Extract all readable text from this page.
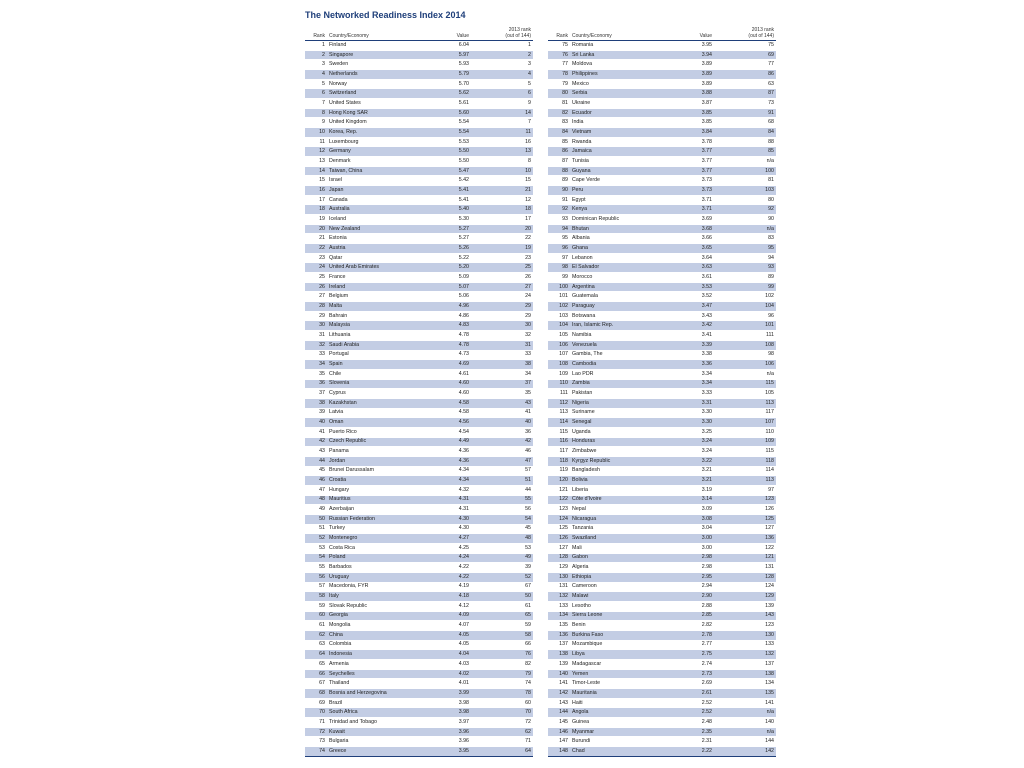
The Networked Readiness Index 2014
Rank	Country/Economy	Value	2013 rank
(out of 144)
1	Finland	6.04	1
2	Singapore	5.97	2
3	Sweden	5.93	3
4	Netherlands	5.79	4
5	Norway	5.70	5
6	Switzerland	5.62	6
7	United States	5.61	9
8	Hong Kong SAR	5.60	14
9	United Kingdom	5.54	7
10	Korea, Rep.	5.54	11
11	Luxembourg	5.53	16
12	Germany	5.50	13
13	Denmark	5.50	8
14	Taiwan, China	5.47	10
15	Israel	5.42	15
16	Japan	5.41	21
17	Canada	5.41	12
18	Australia	5.40	18
19	Iceland	5.30	17
20	New Zealand	5.27	20
21	Estonia	5.27	22
22	Austria	5.26	19
23	Qatar	5.22	23
24	United Arab Emirates	5.20	25
25	France	5.09	26
26	Ireland	5.07	27
27	Belgium	5.06	24
28	Malta	4.96	29
29	Bahrain	4.86	29
30	Malaysia	4.83	30
31	Lithuania	4.78	32
32	Saudi Arabia	4.78	31
33	Portugal	4.73	33
34	Spain	4.69	38
35	Chile	4.61	34
36	Slovenia	4.60	37
37	Cyprus	4.60	35
38	Kazakhstan	4.58	43
39	Latvia	4.58	41
40	Oman	4.56	40
41	Puerto Rico	4.54	36
42	Czech Republic	4.49	42
43	Panama	4.36	46
44	Jordan	4.36	47
45	Brunei Darussalam	4.34	57
46	Croatia	4.34	51
47	Hungary	4.32	44
48	Mauritius	4.31	55
49	Azerbaijan	4.31	56
50	Russian Federation	4.30	54
51	Turkey	4.30	45
52	Montenegro	4.27	48
53	Costa Rica	4.25	53
54	Poland	4.24	49
55	Barbados	4.22	39
56	Uruguay	4.22	52
57	Macedonia, FYR	4.19	67
58	Italy	4.18	50
59	Slovak Republic	4.12	61
60	Georgia	4.09	65
61	Mongolia	4.07	59
62	China	4.05	58
63	Colombia	4.05	66
64	Indonesia	4.04	76
65	Armenia	4.03	82
66	Seychelles	4.02	79
67	Thailand	4.01	74
68	Bosnia and Herzegovina	3.99	78
69	Brazil	3.98	60
70	South Africa	3.98	70
71	Trinidad and Tobago	3.97	72
72	Kuwait	3.96	62
73	Bulgaria	3.96	71
74	Greece	3.95	64
Rank	Country/Economy	Value	2013 rank
(out of 144)
75	Romania	3.95	75
76	Sri Lanka	3.94	69
77	Moldova	3.89	77
78	Philippines	3.89	86
79	Mexico	3.89	63
80	Serbia	3.88	87
81	Ukraine	3.87	73
82	Ecuador	3.85	91
83	India	3.85	68
84	Vietnam	3.84	84
85	Rwanda	3.78	88
86	Jamaica	3.77	85
87	Tunisia	3.77	n/a
88	Guyana	3.77	100
89	Cape Verde	3.73	81
90	Peru	3.73	103
91	Egypt	3.71	80
92	Kenya	3.71	92
93	Dominican Republic	3.69	90
94	Bhutan	3.68	n/a
95	Albania	3.66	83
96	Ghana	3.65	95
97	Lebanon	3.64	94
98	El Salvador	3.63	93
99	Morocco	3.61	89
100	Argentina	3.53	99
101	Guatemala	3.52	102
102	Paraguay	3.47	104
103	Botswana	3.43	96
104	Iran, Islamic Rep.	3.42	101
105	Namibia	3.41	111
106	Venezuela	3.39	108
107	Gambia, The	3.38	98
108	Cambodia	3.36	106
109	Lao PDR	3.34	n/a
110	Zambia	3.34	115
111	Pakistan	3.33	105
112	Nigeria	3.31	113
113	Suriname	3.30	117
114	Senegal	3.30	107
115	Uganda	3.25	110
116	Honduras	3.24	109
117	Zimbabwe	3.24	115
118	Kyrgyz Republic	3.22	118
119	Bangladesh	3.21	114
120	Bolivia	3.21	113
121	Liberia	3.19	97
122	Côte d'Ivoire	3.14	123
123	Nepal	3.09	126
124	Nicaragua	3.08	125
125	Tanzania	3.04	127
126	Swaziland	3.00	136
127	Mali	3.00	122
128	Gabon	2.98	121
129	Algeria	2.98	131
130	Ethiopia	2.95	128
131	Cameroon	2.94	124
132	Malawi	2.90	129
133	Lesotho	2.88	139
134	Sierra Leone	2.85	143
135	Benin	2.82	123
136	Burkina Faso	2.78	130
137	Mozambique	2.77	133
138	Libya	2.75	132
139	Madagascar	2.74	137
140	Yemen	2.73	138
141	Timor-Leste	2.69	134
142	Mauritania	2.61	135
143	Haiti	2.52	141
144	Angola	2.52	n/a
145	Guinea	2.48	140
146	Myanmar	2.35	n/a
147	Burundi	2.31	144
148	Chad	2.22	142
